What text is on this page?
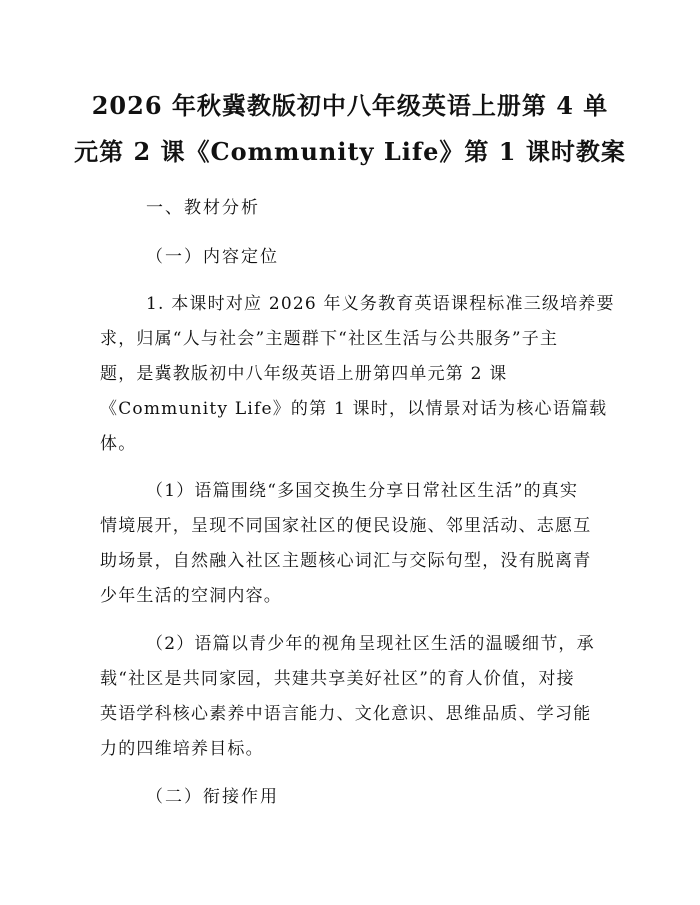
2026 年秋冀教版初中八年级英语上册第 4 单
元第 2 课《Community Life》第 1 课时教案
一、教材分析
（一）内容定位
1. 本课时对应 2026 年义务教育英语课程标准三级培养要
求，归属“人与社会”主题群下“社区生活与公共服务”子主
题，是冀教版初中八年级英语上册第四单元第 2 课
《Community Life》的第 1 课时，以情景对话为核心语篇载
体。
（1）语篇围绕“多国交换生分享日常社区生活”的真实
情境展开，呈现不同国家社区的便民设施、邻里活动、志愿互
助场景，自然融入社区主题核心词汇与交际句型，没有脱离青
少年生活的空洞内容。
（2）语篇以青少年的视角呈现社区生活的温暖细节，承
载“社区是共同家园，共建共享美好社区”的育人价值，对接
英语学科核心素养中语言能力、文化意识、思维品质、学习能
力的四维培养目标。
（二）衔接作用
